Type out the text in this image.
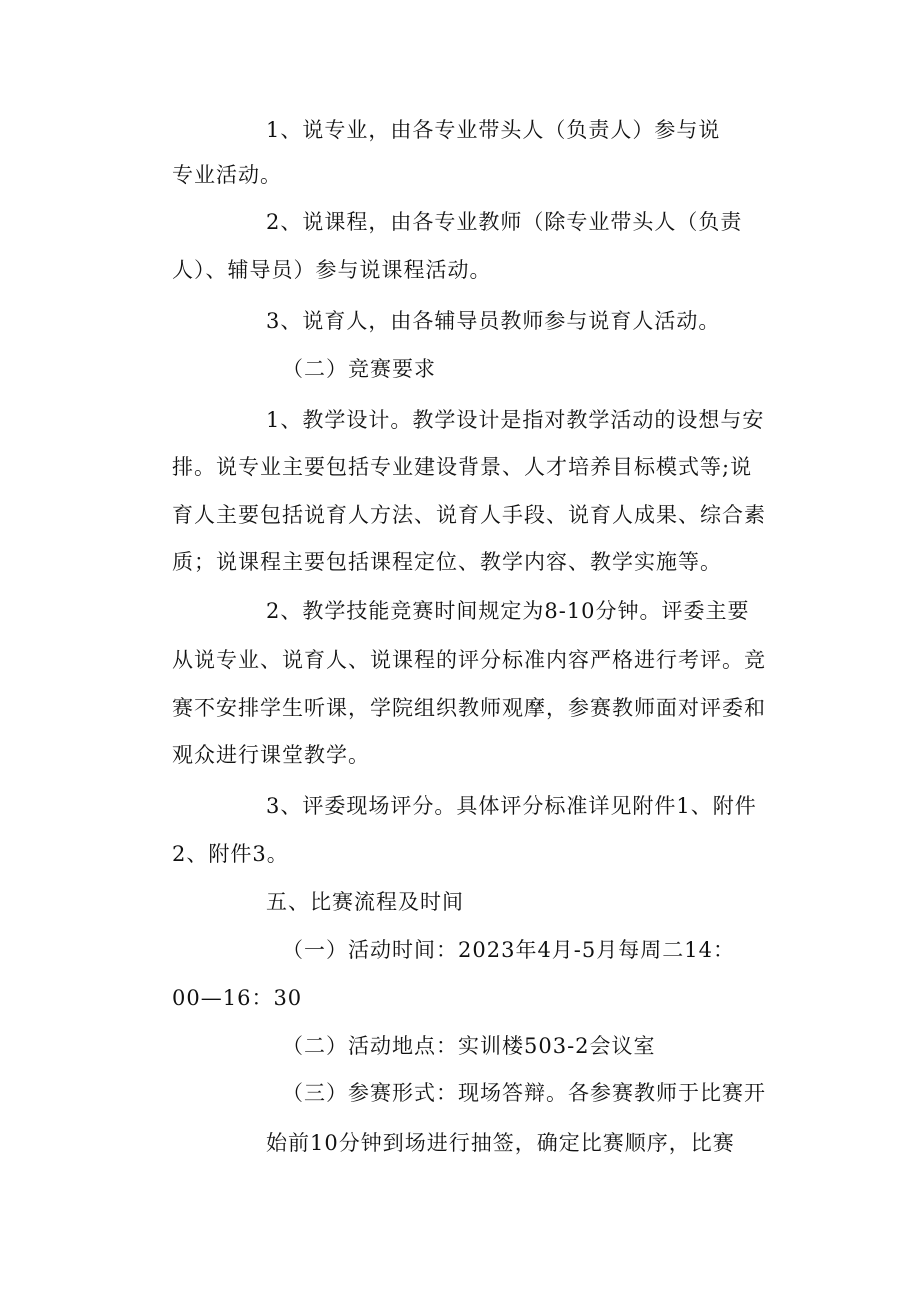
1、说专业，由各专业带头人（负责人）参与说
专业活动。
2、说课程，由各专业教师（除专业带头人（负责
人）、辅导员）参与说课程活动。
3、说育人，由各辅导员教师参与说育人活动。
（二）竞赛要求
1、教学设计。教学设计是指对教学活动的设想与安
排。说专业主要包括专业建设背景、人才培养目标模式等;说
育人主要包括说育人方法、说育人手段、说育人成果、综合素
质；说课程主要包括课程定位、教学内容、教学实施等。
2、教学技能竞赛时间规定为8-10分钟。评委主要
从说专业、说育人、说课程的评分标准内容严格进行考评。竞
赛不安排学生听课，学院组织教师观摩，参赛教师面对评委和
观众进行课堂教学。
3、评委现场评分。具体评分标准详见附件1、附件
2、附件3。
五、比赛流程及时间
（一）活动时间：2023年4月-5月每周二14：
00—16：30
（二）活动地点：实训楼503-2会议室
（三）参赛形式：现场答辩。各参赛教师于比赛开
始前10分钟到场进行抽签，确定比赛顺序，比赛
